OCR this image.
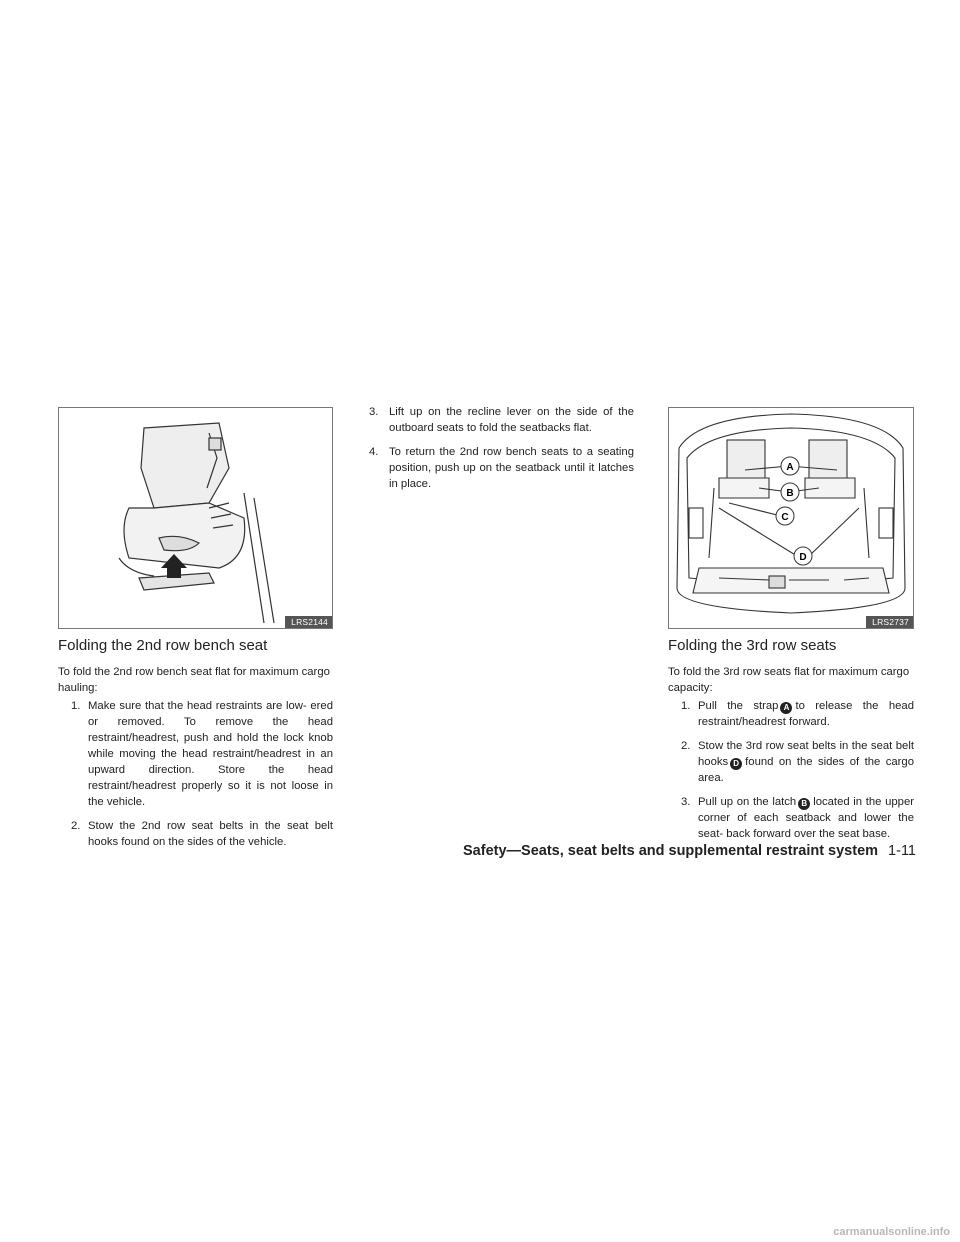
LRS2144
Folding the 2nd row bench seat

To fold the 2nd row bench seat flat for maximum cargo hauling:

1. Make sure that the head restraints are low- ered or removed. To remove the head restraint/headrest, push and hold the lock knob while moving the head restraint/headrest in an upward direction. Store the head restraint/headrest properly so it is not loose in the vehicle.
2. Stow the 2nd row seat belts in the seat belt hooks found on the sides of the vehicle.
3. Lift up on the recline lever on the side of the outboard seats to fold the seatbacks flat.
4. To return the 2nd row bench seats to a seating position, push up on the seatback until it latches in place.
A
B
C
D
LRS2737
Folding the 3rd row seats

To fold the 3rd row seats flat for maximum cargo capacity:

1. Pull the strap A to release the head restraint/headrest forward.
2. Stow the 3rd row seat belts in the seat belt hooks D found on the sides of the cargo area.
3. Pull up on the latch B located in the upper corner of each seatback and lower the seat- back forward over the seat base.
Safety—Seats, seat belts and supplemental restraint system 1-11
carmanualsonline.info
